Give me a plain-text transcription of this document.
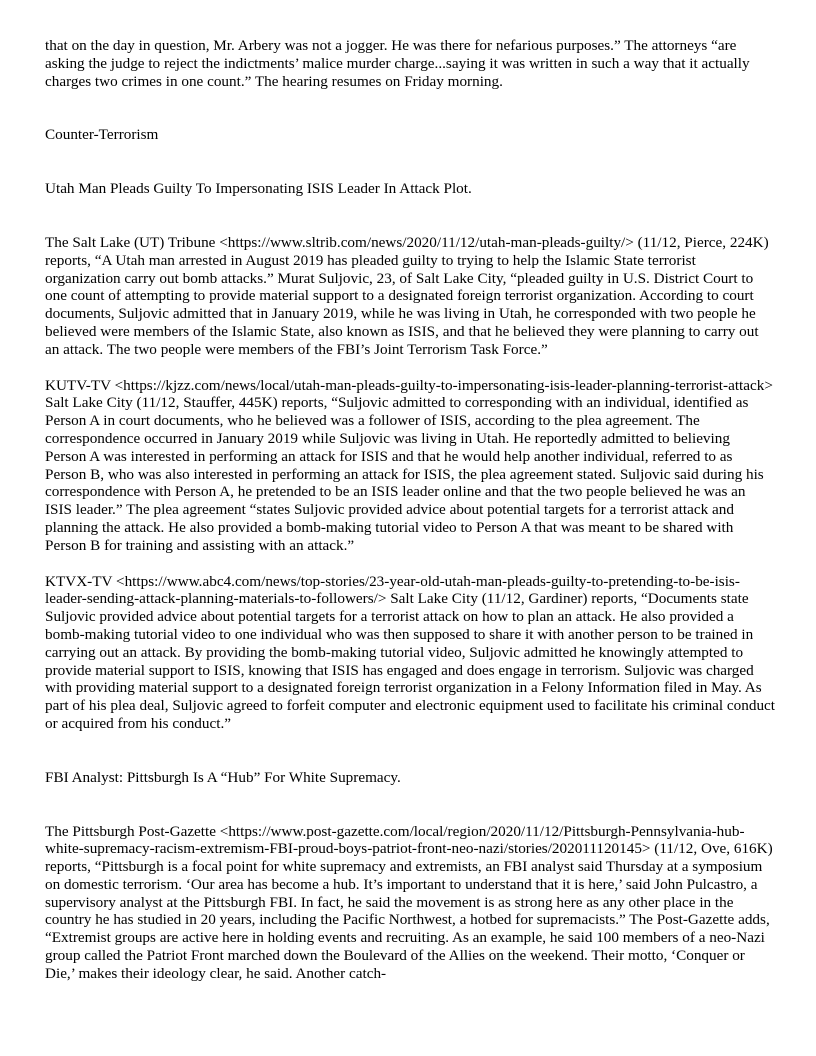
that on the day in question, Mr. Arbery was not a jogger. He was there for nefarious purposes.” The attorneys “are asking the judge to reject the indictments’ malice murder charge...saying it was written in such a way that it actually charges two crimes in one count.” The hearing resumes on Friday morning.

Counter-Terrorism

Utah Man Pleads Guilty To Impersonating ISIS Leader In Attack Plot.

The Salt Lake (UT) Tribune <https://www.sltrib.com/news/2020/11/12/utah-man-pleads-guilty/> (11/12, Pierce, 224K) reports, “A Utah man arrested in August 2019 has pleaded guilty to trying to help the Islamic State terrorist organization carry out bomb attacks.” Murat Suljovic, 23, of Salt Lake City, “pleaded guilty in U.S. District Court to one count of attempting to provide material support to a designated foreign terrorist organization. According to court documents, Suljovic admitted that in January 2019, while he was living in Utah, he corresponded with two people he believed were members of the Islamic State, also known as ISIS, and that he believed they were planning to carry out an attack. The two people were members of the FBI’s Joint Terrorism Task Force.”

KUTV-TV <https://kjzz.com/news/local/utah-man-pleads-guilty-to-impersonating-isis-leader-planning-terrorist-attack> Salt Lake City (11/12, Stauffer, 445K) reports, “Suljovic admitted to corresponding with an individual, identified as Person A in court documents, who he believed was a follower of ISIS, according to the plea agreement. The correspondence occurred in January 2019 while Suljovic was living in Utah. He reportedly admitted to believing Person A was interested in performing an attack for ISIS and that he would help another individual, referred to as Person B, who was also interested in performing an attack for ISIS, the plea agreement stated. Suljovic said during his correspondence with Person A, he pretended to be an ISIS leader online and that the two people believed he was an ISIS leader.” The plea agreement “states Suljovic provided advice about potential targets for a terrorist attack and planning the attack. He also provided a bomb-making tutorial video to Person A that was meant to be shared with Person B for training and assisting with an attack.”

KTVX-TV <https://www.abc4.com/news/top-stories/23-year-old-utah-man-pleads-guilty-to-pretending-to-be-isis-leader-sending-attack-planning-materials-to-followers/> Salt Lake City (11/12, Gardiner) reports, “Documents state Suljovic provided advice about potential targets for a terrorist attack on how to plan an attack. He also provided a bomb-making tutorial video to one individual who was then supposed to share it with another person to be trained in carrying out an attack. By providing the bomb-making tutorial video, Suljovic admitted he knowingly attempted to provide material support to ISIS, knowing that ISIS has engaged and does engage in terrorism. Suljovic was charged with providing material support to a designated foreign terrorist organization in a Felony Information filed in May. As part of his plea deal, Suljovic agreed to forfeit computer and electronic equipment used to facilitate his criminal conduct or acquired from his conduct.”

FBI Analyst: Pittsburgh Is A “Hub” For White Supremacy.

The Pittsburgh Post-Gazette <https://www.post-gazette.com/local/region/2020/11/12/Pittsburgh-Pennsylvania-hub-white-supremacy-racism-extremism-FBI-proud-boys-patriot-front-neo-nazi/stories/202011120145> (11/12, Ove, 616K) reports, “Pittsburgh is a focal point for white supremacy and extremists, an FBI analyst said Thursday at a symposium on domestic terrorism. ‘Our area has become a hub. It’s important to understand that it is here,’ said John Pulcastro, a supervisory analyst at the Pittsburgh FBI. In fact, he said the movement is as strong here as any other place in the country he has studied in 20 years, including the Pacific Northwest, a hotbed for supremacists.” The Post-Gazette adds, “Extremist groups are active here in holding events and recruiting. As an example, he said 100 members of a neo-Nazi group called the Patriot Front marched down the Boulevard of the Allies on the weekend. Their motto, ‘Conquer or Die,’ makes their ideology clear, he said. Another catch-
